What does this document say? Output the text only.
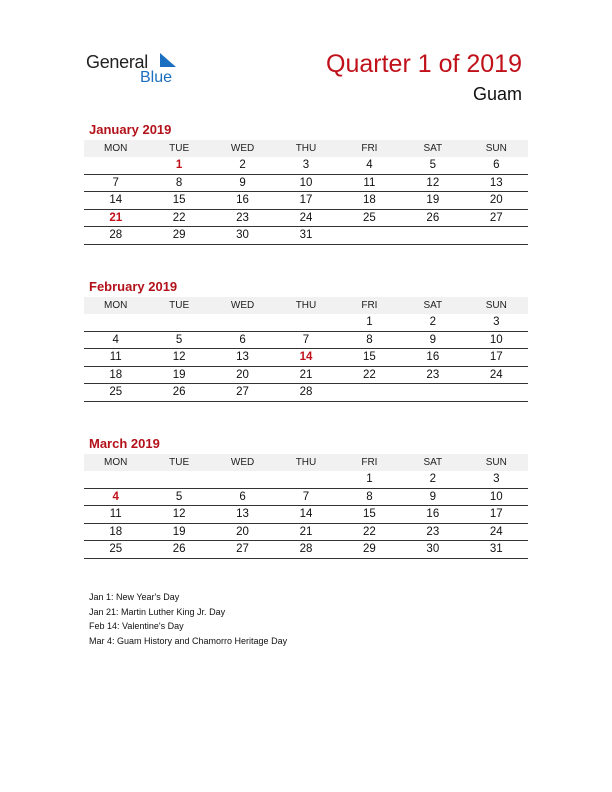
General
Blue	Quarter 1 of 2019
Guam
January 2019
MON	TUE	WED	THU	FRI	SAT	SUN
	1	2	3	4	5	6
7	8	9	10	11	12	13
14	15	16	17	18	19	20
21	22	23	24	25	26	27
28	29	30	31			
February 2019
MON	TUE	WED	THU	FRI	SAT	SUN
				1	2	3
4	5	6	7	8	9	10
11	12	13	14	15	16	17
18	19	20	21	22	23	24
25	26	27	28			
March 2019
MON	TUE	WED	THU	FRI	SAT	SUN
				1	2	3
4	5	6	7	8	9	10
11	12	13	14	15	16	17
18	19	20	21	22	23	24
25	26	27	28	29	30	31
Jan 1: New Year's Day
Jan 21: Martin Luther King Jr. Day
Feb 14: Valentine's Day
Mar 4: Guam History and Chamorro Heritage Day
